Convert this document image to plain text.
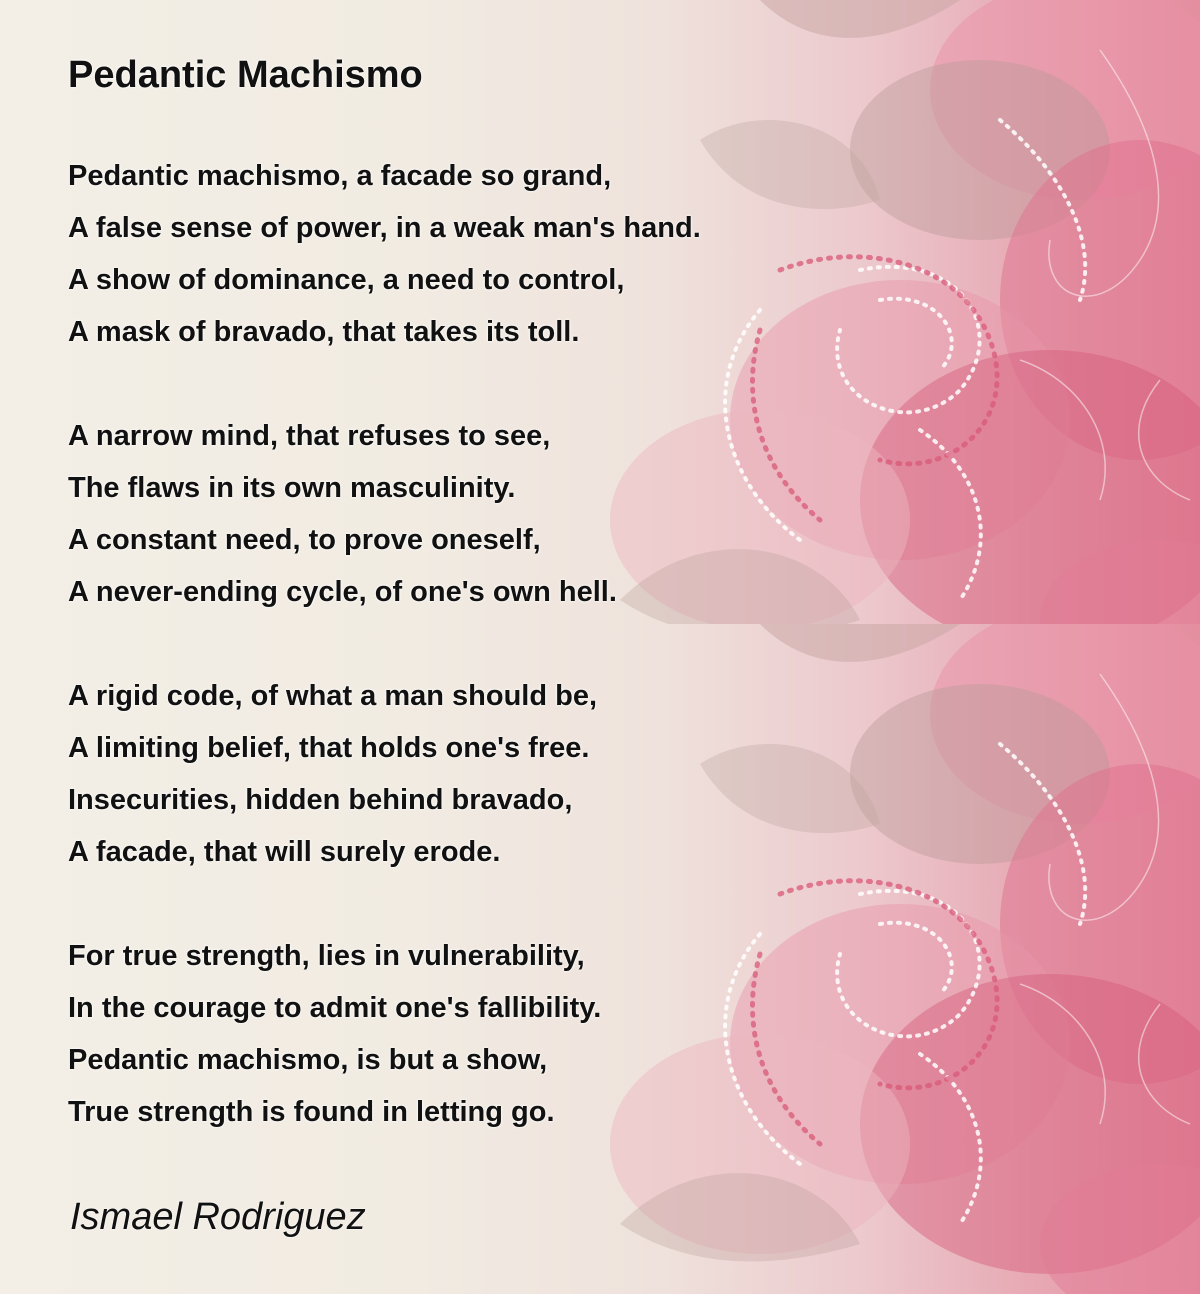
Pedantic Machismo
Pedantic machismo, a facade so grand,
A false sense of power, in a weak man's hand.
A show of dominance, a need to control,
A mask of bravado, that takes its toll.
A narrow mind, that refuses to see,
The flaws in its own masculinity.
A constant need, to prove oneself,
A never-ending cycle, of one's own hell.
A rigid code, of what a man should be,
A limiting belief, that holds one's free.
Insecurities, hidden behind bravado,
A facade, that will surely erode.
For true strength, lies in vulnerability,
In the courage to admit one's fallibility.
Pedantic machismo, is but a show,
True strength is found in letting go.
Ismael Rodriguez
